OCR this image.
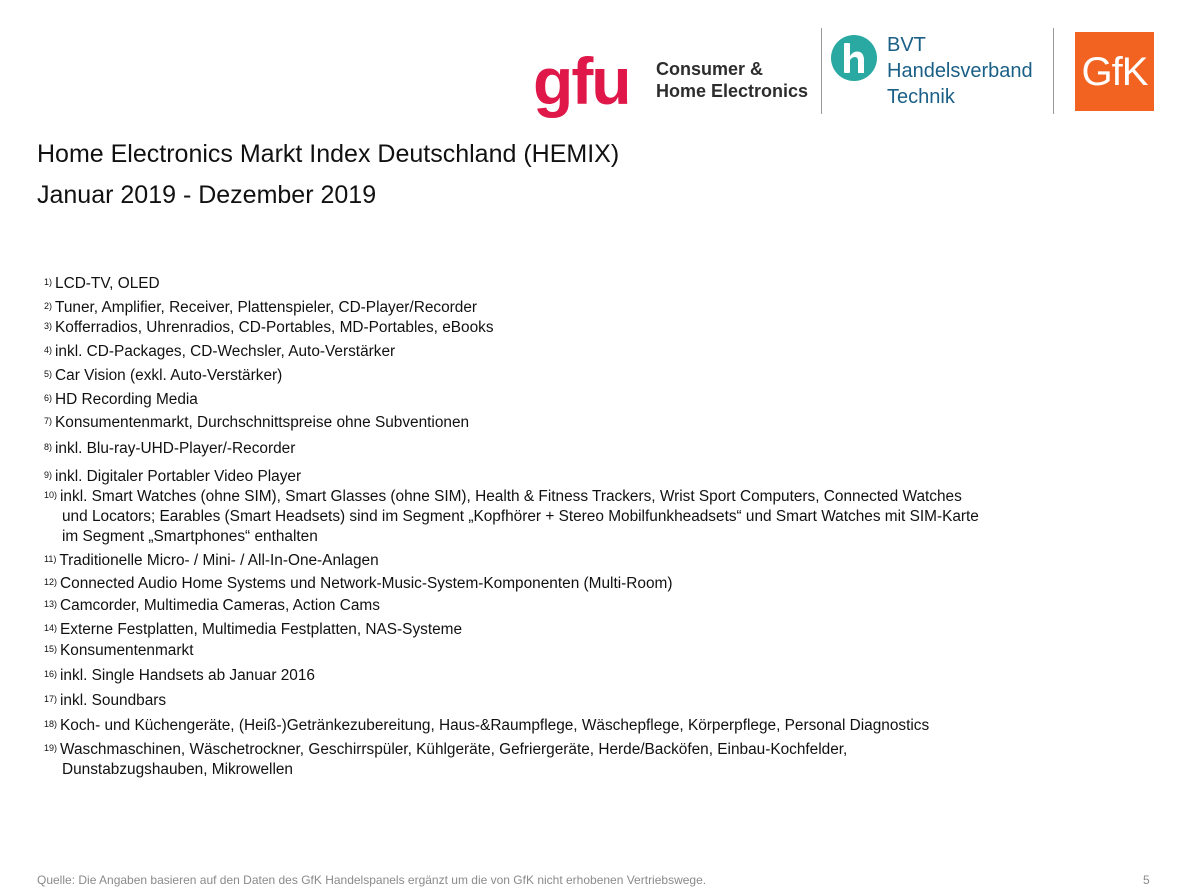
gfu Consumer &
Home Electronics
BVT
Handelsverband
Technik
GfK
Home Electronics Markt Index Deutschland (HEMIX)
Januar 2019 - Dezember 2019
$^{1)}$ LCD-TV, OLED
$^{2)}$ Tuner, Amplifier, Receiver, Plattenspieler, CD-Player/Recorder
$^{3)}$ Kofferradios, Uhrenradios, CD-Portables, MD-Portables, eBooks
$^{4)}$ inkl. CD-Packages, CD-Wechsler, Auto-Verstärker
$^{5)}$ Car Vision (exkl. Auto-Verstärker)
$^{6)}$ HD Recording Media
$^{7)}$ Konsumentenmarkt, Durchschnittspreise ohne Subventionen
$^{8)}$ inkl. Blu-ray-UHD-Player/-Recorder
$^{9)}$ inkl. Digitaler Portabler Video Player
$^{10)}$ inkl. Smart Watches (ohne SIM), Smart Glasses (ohne SIM), Health & Fitness Trackers, Wrist Sport Computers, Connected Watches
und Locators; Earables (Smart Headsets) sind im Segment „Kopfhörer + Stereo Mobilfunkheadsets“ und Smart Watches mit SIM-Karte
im Segment „Smartphones“ enthalten
$^{11)}$ Traditionelle Micro- / Mini- / All-In-One-Anlagen
$^{12)}$ Connected Audio Home Systems und Network-Music-System-Komponenten (Multi-Room)
$^{13)}$ Camcorder, Multimedia Cameras, Action Cams
$^{14)}$ Externe Festplatten, Multimedia Festplatten, NAS-Systeme
$^{15)}$ Konsumentenmarkt
$^{16)}$ inkl. Single Handsets ab Januar 2016
$^{17)}$ inkl. Soundbars
$^{18)}$ Koch- und Küchengeräte, (Heiß-)Getränkezubereitung, Haus-&Raumpflege, Wäschepflege, Körperpflege, Personal Diagnostics
$^{19)}$ Waschmaschinen, Wäschetrockner, Geschirrspüler, Kühlgeräte, Gefriergeräte, Herde/Backöfen, Einbau-Kochfelder,
Dunstabzugshauben, Mikrowellen
Quelle: Die Angaben basieren auf den Daten des GfK Handelspanels ergänzt um die von GfK nicht erhobenen Vertriebswege.	5
